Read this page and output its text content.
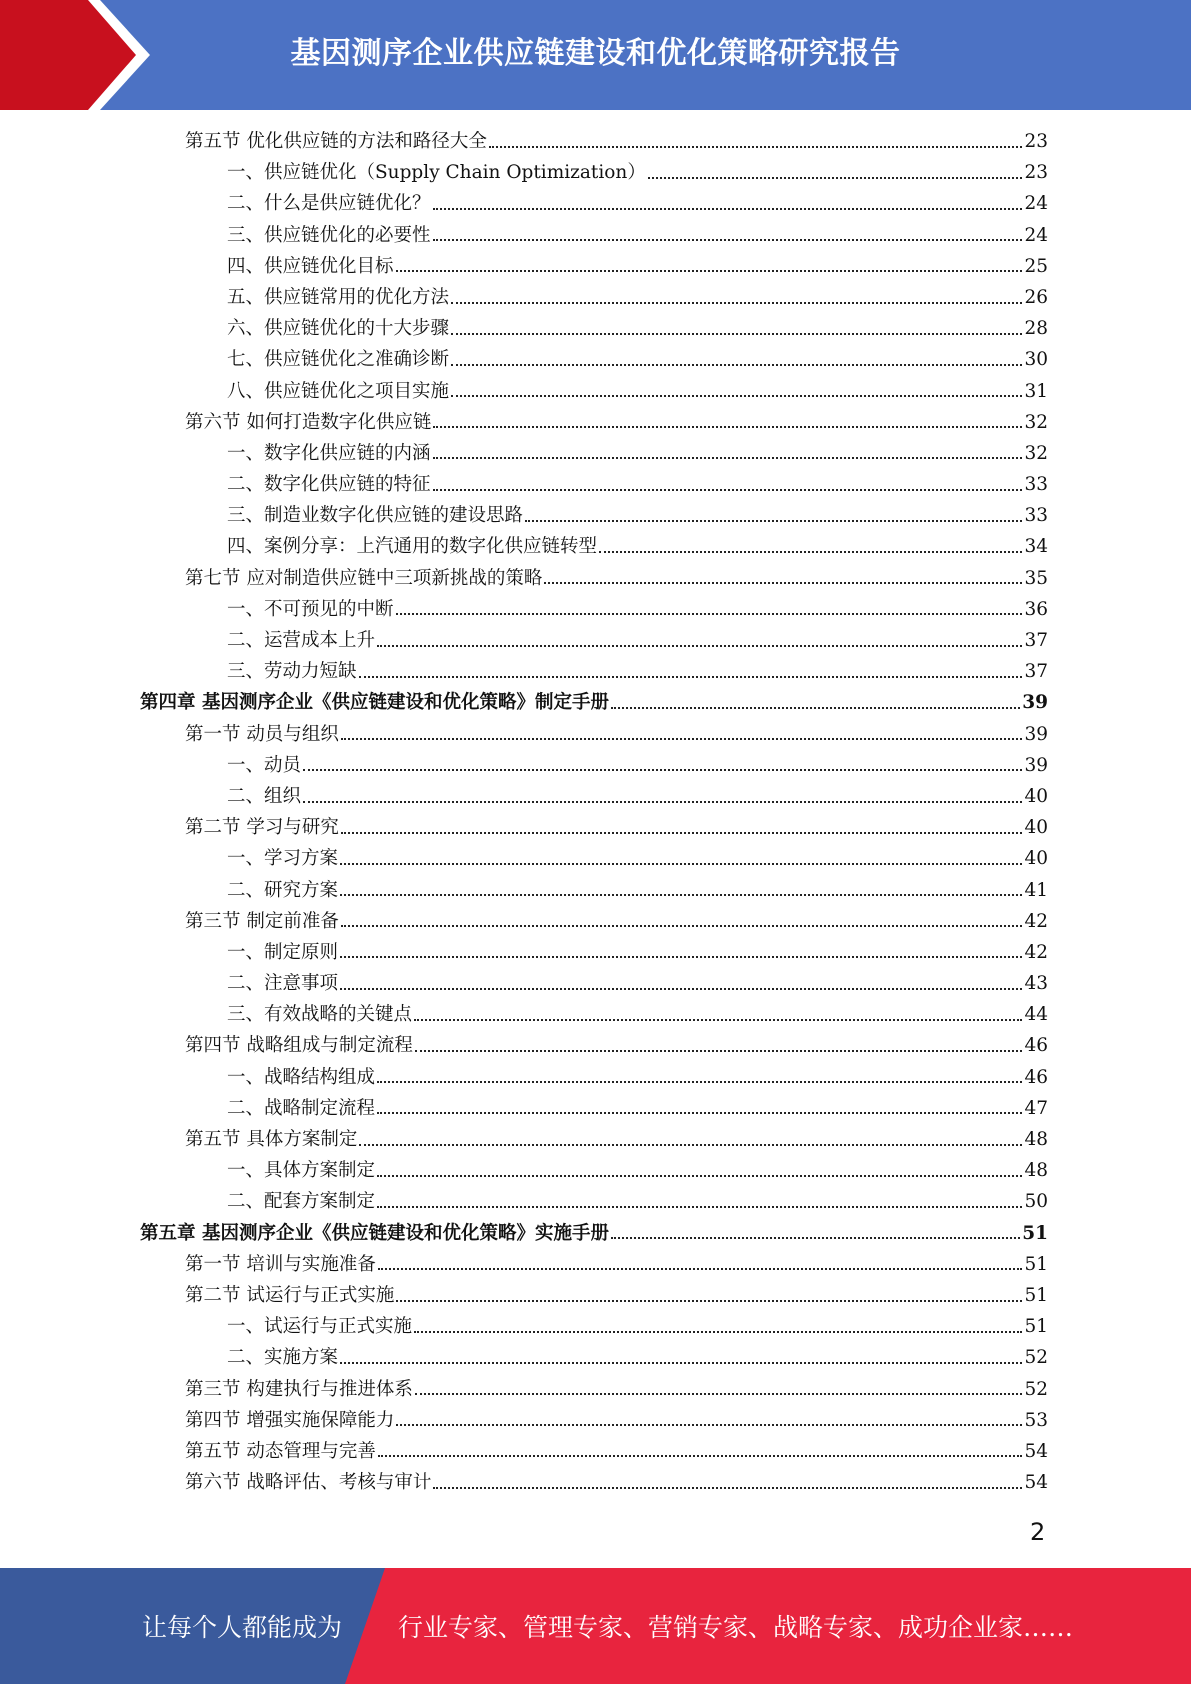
基因测序企业供应链建设和优化策略研究报告
第五节 优化供应链的方法和路径大全	23
一、供应链优化（Supply Chain Optimization）	23
二、什么是供应链优化？	24
三、供应链优化的必要性	24
四、供应链优化目标	25
五、供应链常用的优化方法	26
六、供应链优化的十大步骤	28
七、供应链优化之准确诊断	30
八、供应链优化之项目实施	31
第六节 如何打造数字化供应链	32
一、数字化供应链的内涵	32
二、数字化供应链的特征	33
三、制造业数字化供应链的建设思路	33
四、案例分享：上汽通用的数字化供应链转型	34
第七节 应对制造供应链中三项新挑战的策略	35
一、不可预见的中断	36
二、运营成本上升	37
三、劳动力短缺	37
第四章 基因测序企业《供应链建设和优化策略》制定手册	39
第一节 动员与组织	39
一、动员	39
二、组织	40
第二节 学习与研究	40
一、学习方案	40
二、研究方案	41
第三节 制定前准备	42
一、制定原则	42
二、注意事项	43
三、有效战略的关键点	44
第四节 战略组成与制定流程	46
一、战略结构组成	46
二、战略制定流程	47
第五节 具体方案制定	48
一、具体方案制定	48
二、配套方案制定	50
第五章 基因测序企业《供应链建设和优化策略》实施手册	51
第一节 培训与实施准备	51
第二节 试运行与正式实施	51
一、试运行与正式实施	51
二、实施方案	52
第三节 构建执行与推进体系	52
第四节 增强实施保障能力	53
第五节 动态管理与完善	54
第六节 战略评估、考核与审计	54
2
让每个人都能成为 行业专家、管理专家、营销专家、战略专家、成功企业家……
